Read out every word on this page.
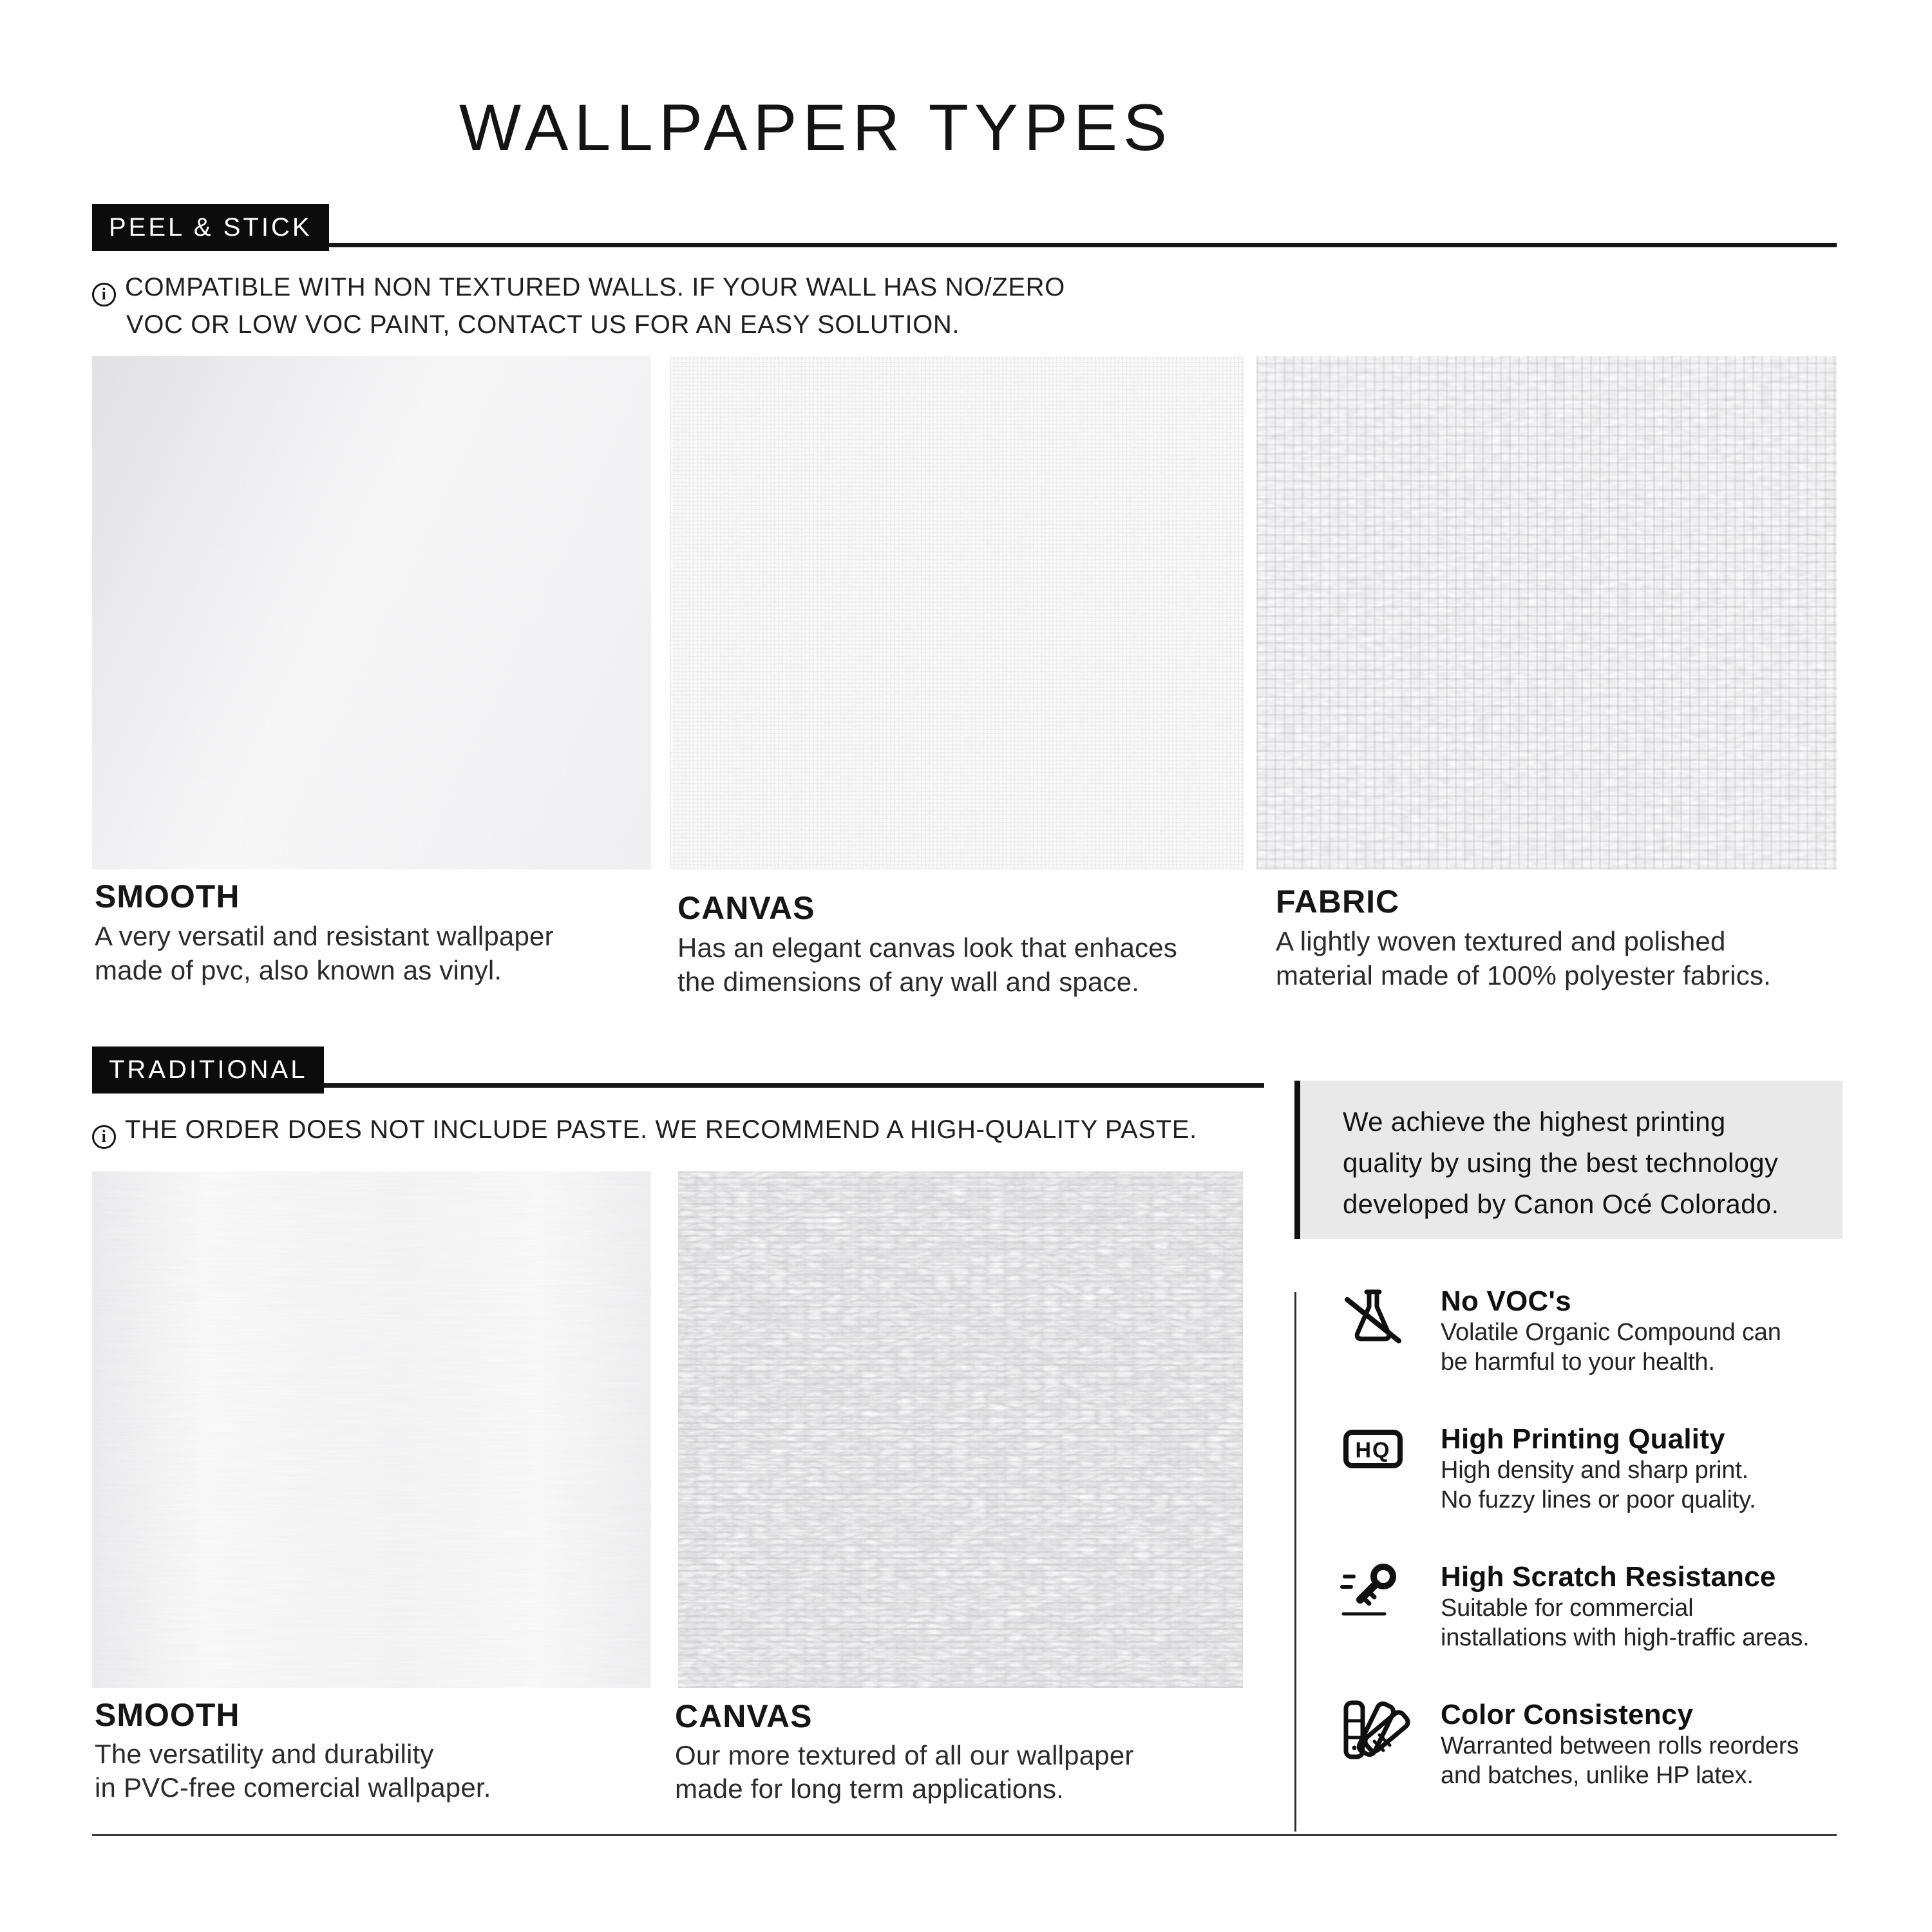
WALLPAPER TYPES
PEEL & STICK
i COMPATIBLE WITH NON TEXTURED WALLS. IF YOUR WALL HAS NO/ZERO
VOC OR LOW VOC PAINT, CONTACT US FOR AN EASY SOLUTION.
SMOOTH
A very versatil and resistant wallpaper
made of pvc, also known as vinyl.
CANVAS
Has an elegant canvas look that enhaces
the dimensions of any wall and space.
FABRIC
A lightly woven textured and polished
material made of 100% polyester fabrics.
TRADITIONAL
i THE ORDER DOES NOT INCLUDE PASTE. WE RECOMMEND A HIGH-QUALITY PASTE.	We achieve the highest printing
quality by using the best technology
developed by Canon Océ Colorado.
SMOOTH
The versatility and durability
in PVC-free comercial wallpaper.
CANVAS
Our more textured of all our wallpaper
made for long term applications.
No VOC's
Volatile Organic Compound can
be harmful to your health.
HQ High Printing Quality
High density and sharp print.
No fuzzy lines or poor quality.
High Scratch Resistance
Suitable for commercial
installations with high-traffic areas.
Color Consistency
Warranted between rolls reorders
and batches, unlike HP latex.
